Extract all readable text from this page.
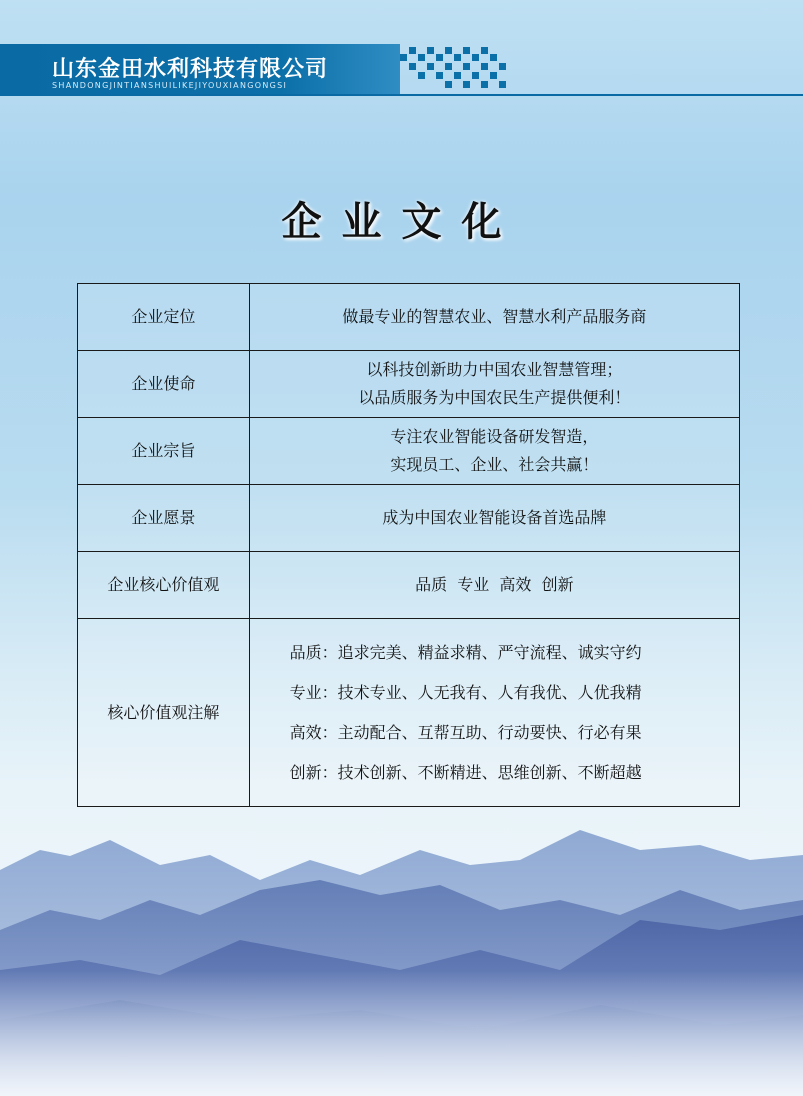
山东金田水利科技有限公司
SHANDONGJINTIANSHUILIKEJIYOUXIANGONGSI
企业文化
企业定位	做最专业的智慧农业、智慧水利产品服务商

企业使命	以科技创新助力中国农业智慧管理；
以品质服务为中国农民生产提供便利！

企业宗旨	专注农业智能设备研发智造，
实现员工、企业、社会共赢！

企业愿景	成为中国农业智能设备首选品牌

企业核心价值观	品质  专业  高效  创新

核心价值观注解	品质：追求完美、精益求精、严守流程、诚实守约
专业：技术专业、人无我有、人有我优、人优我精
高效：主动配合、互帮互助、行动要快、行必有果
创新：技术创新、不断精进、思维创新、不断超越
